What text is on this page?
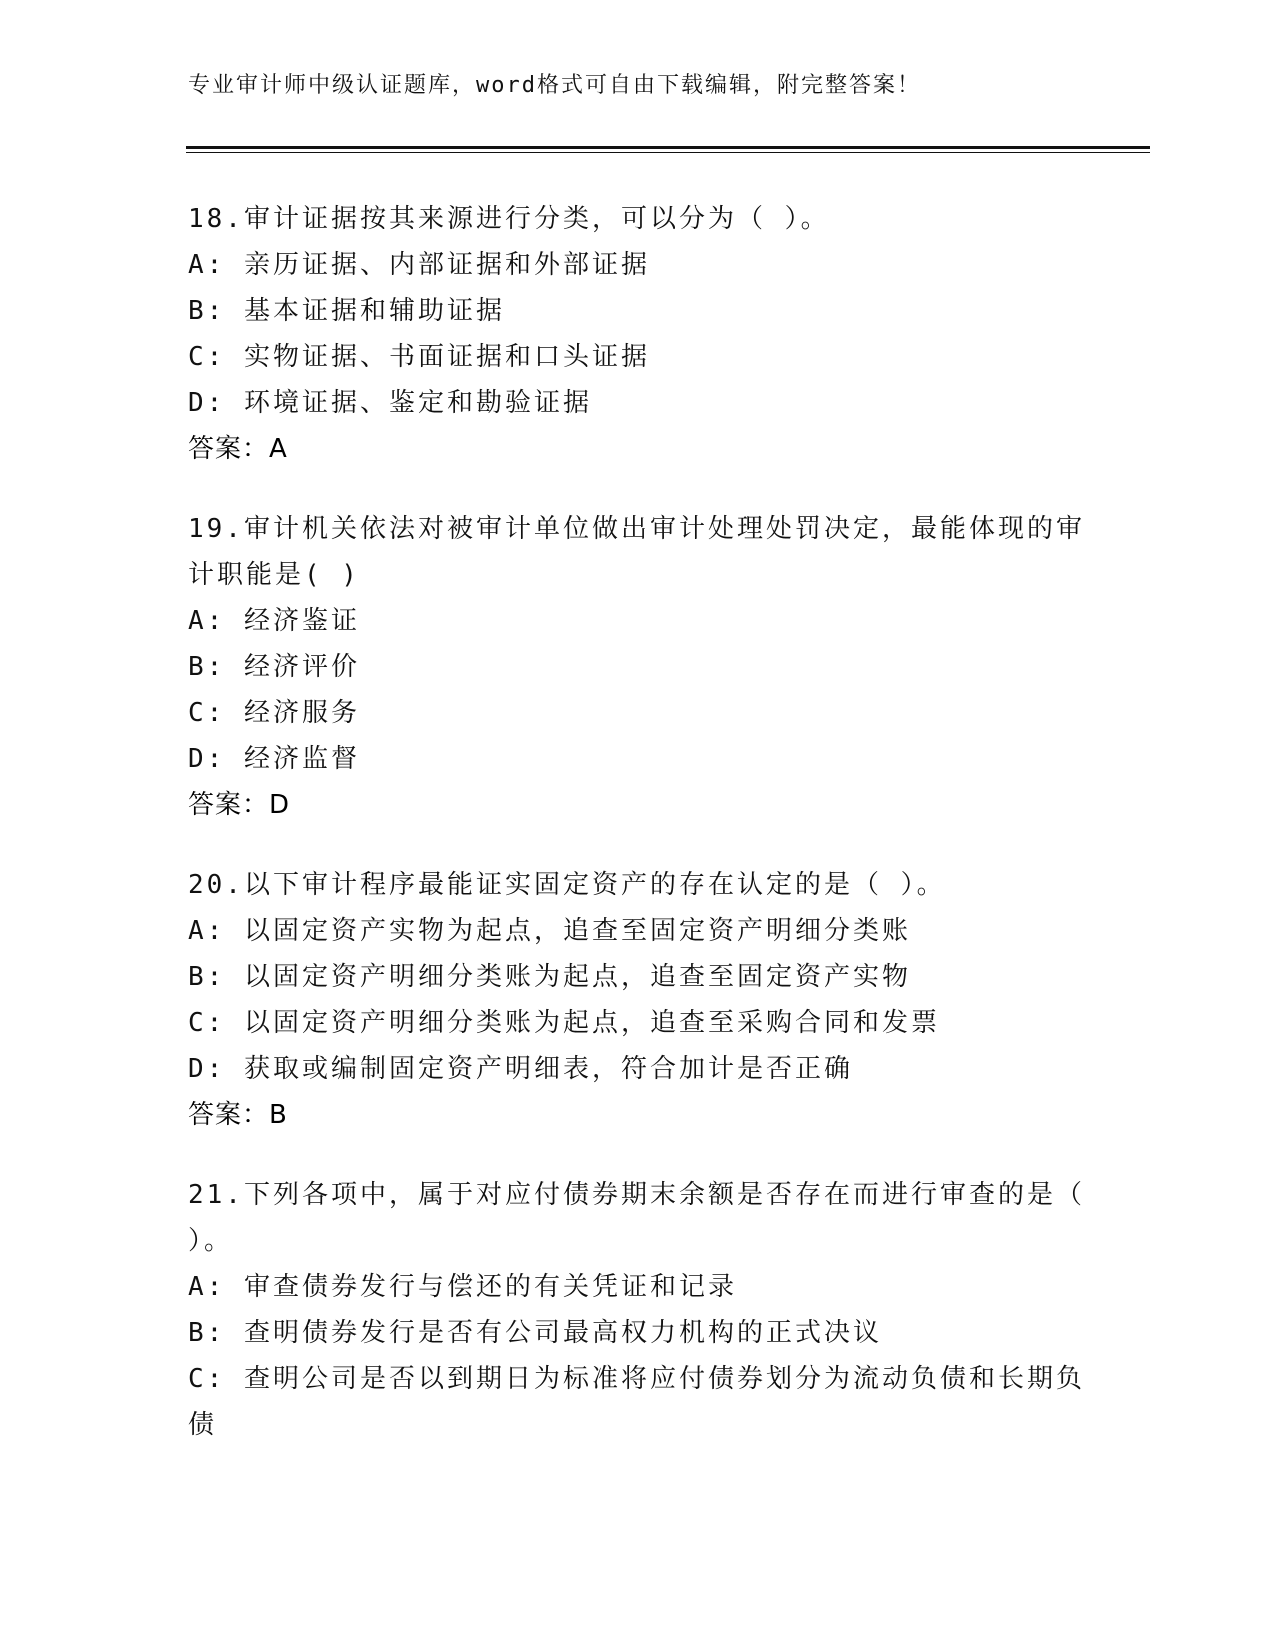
专业审计师中级认证题库，word格式可自由下载编辑，附完整答案！
18.审计证据按其来源进行分类，可以分为（ ）。
A: 亲历证据、内部证据和外部证据
B: 基本证据和辅助证据
C: 实物证据、书面证据和口头证据
D: 环境证据、鉴定和勘验证据
答案：A
19.审计机关依法对被审计单位做出审计处理处罚决定，最能体现的审计职能是( )
A: 经济鉴证
B: 经济评价
C: 经济服务
D: 经济监督
答案：D
20.以下审计程序最能证实固定资产的存在认定的是（ ）。
A: 以固定资产实物为起点，追查至固定资产明细分类账
B: 以固定资产明细分类账为起点，追查至固定资产实物
C: 以固定资产明细分类账为起点，追查至采购合同和发票
D: 获取或编制固定资产明细表，符合加计是否正确
答案：B
21.下列各项中，属于对应付债券期末余额是否存在而进行审查的是（ ）。
A: 审查债券发行与偿还的有关凭证和记录
B: 查明债券发行是否有公司最高权力机构的正式决议
C: 查明公司是否以到期日为标准将应付债券划分为流动负债和长期负债
